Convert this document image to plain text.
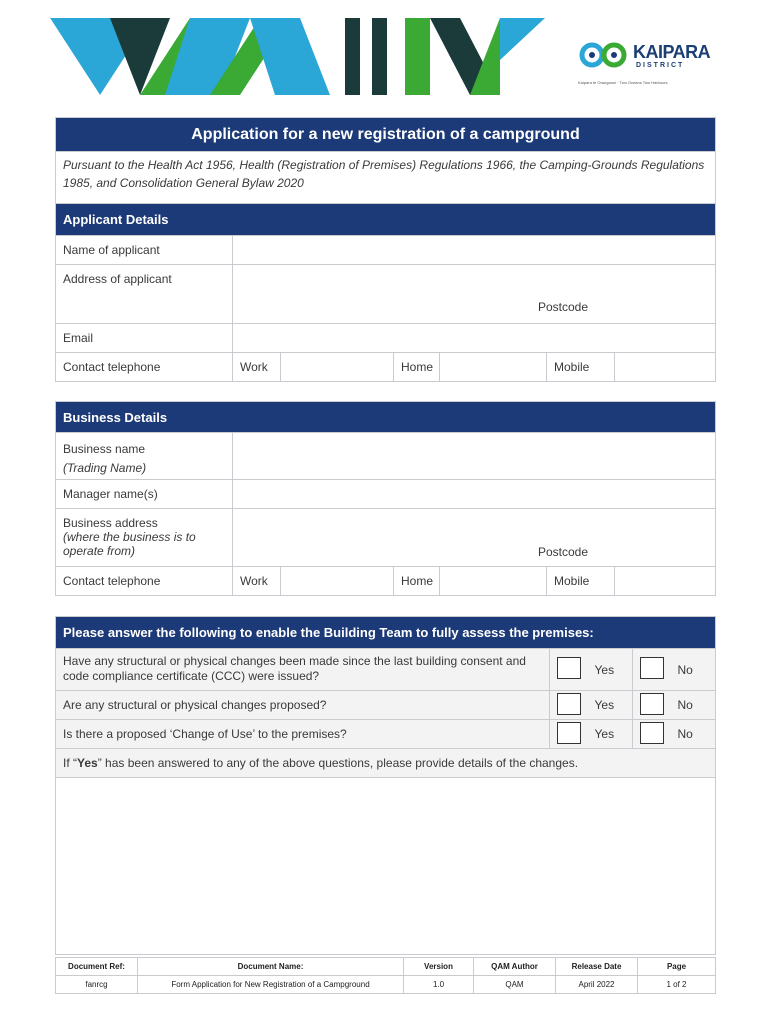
KAIPARA
DISTRICT
Kaipara te Oranganui · Two Oceans Two Harbours
Application for a new registration of a campground						
Pursuant to the Health Act 1956, Health (Registration of Premises) Regulations 1966, the Camping-Grounds Regulations 1985, and Consolidation General Bylaw 2020						
Applicant Details						
Name of applicant						
Address of applicant	Postcode					

Email						
Contact telephone	Work		Home		Mobile	
Business Details						

Business name
(Trading Name)						

Manager name(s)						

Business address
(where the business is to operate from)	Postcode					

Contact telephone	Work		Home		Mobile	
Please answer the following to enable the Building Team to fully assess the premises:				
Have any structural or physical changes been made since the last building consent and code compliance certificate (CCC) were issued?		Yes		No
Are any structural or physical changes proposed?		Yes		No
Is there a proposed ‘Change of Use’ to the premises?		Yes		No
If “Yes” has been answered to any of the above questions, please provide details of the changes.				

Document Ref:	Document Name:	Version	QAM Author	Release Date	Page
fanrcg	Form Application for New Registration of a Campground	1.0	QAM	April 2022	1 of 2
